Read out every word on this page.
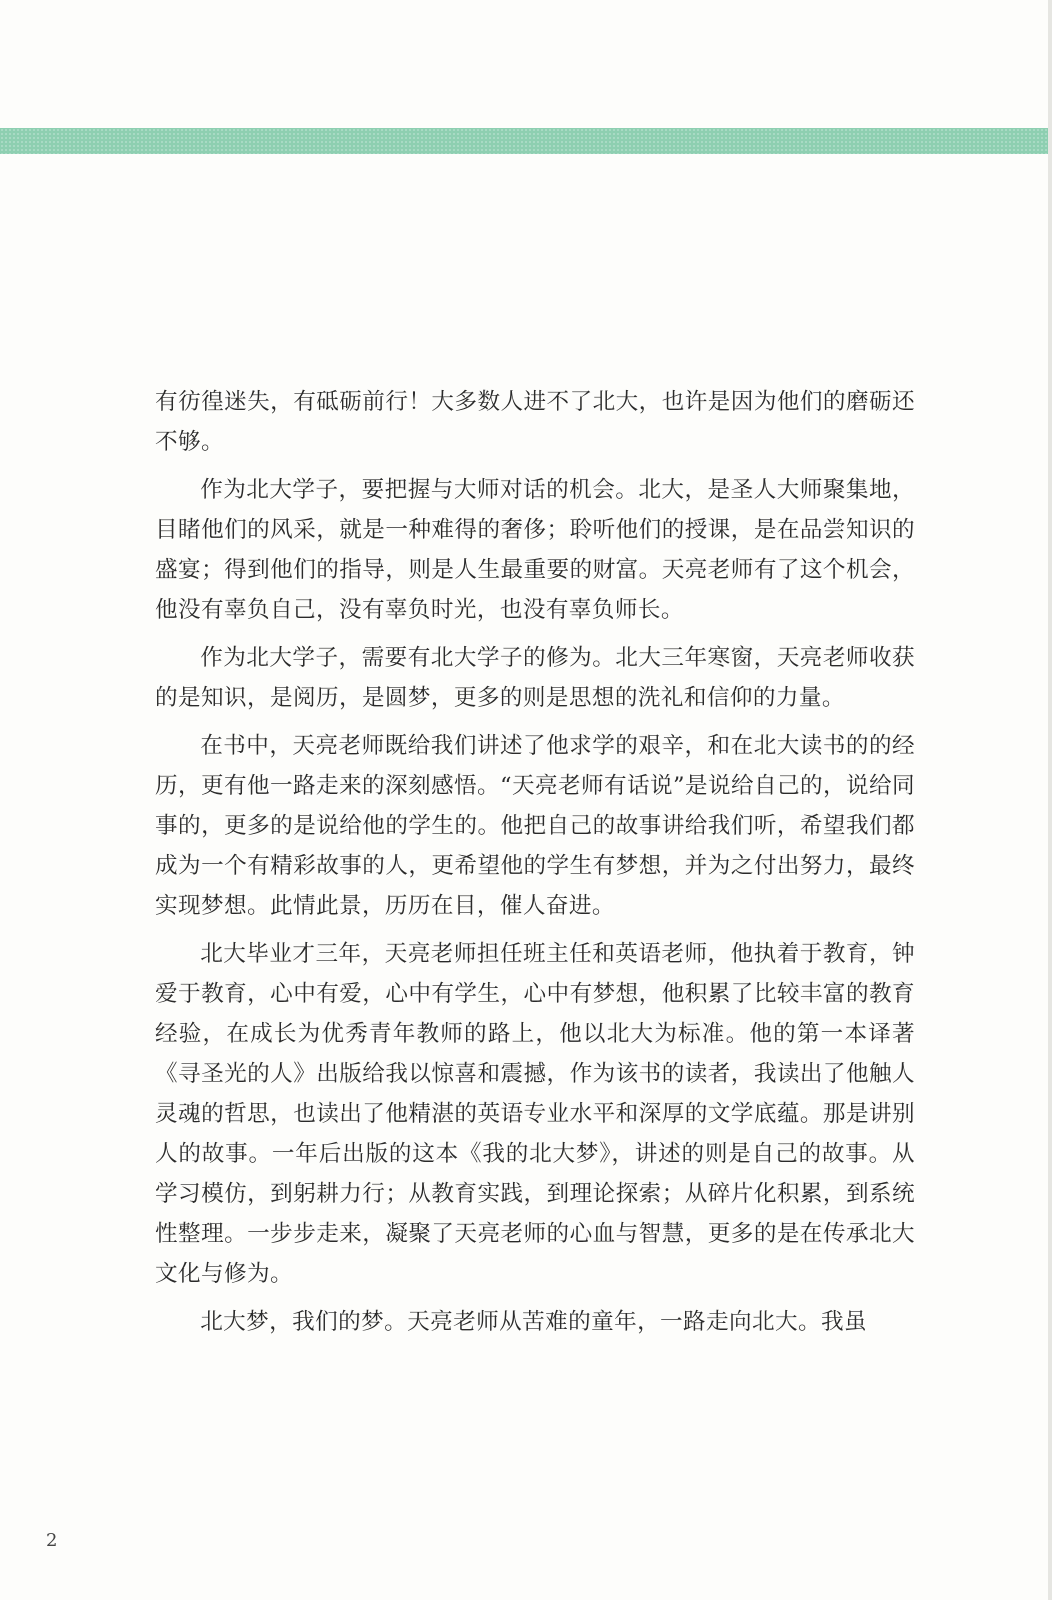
有彷徨迷失，有砥砺前行！大多数人进不了北大，也许是因为他们的磨砺还不够。

作为北大学子，要把握与大师对话的机会。北大，是圣人大师聚集地，目睹他们的风采，就是一种难得的奢侈；聆听他们的授课，是在品尝知识的盛宴；得到他们的指导，则是人生最重要的财富。天亮老师有了这个机会，他没有辜负自己，没有辜负时光，也没有辜负师长。

作为北大学子，需要有北大学子的修为。北大三年寒窗，天亮老师收获的是知识，是阅历，是圆梦，更多的则是思想的洗礼和信仰的力量。

在书中，天亮老师既给我们讲述了他求学的艰辛，和在北大读书的的经历，更有他一路走来的深刻感悟。“天亮老师有话说”是说给自己的，说给同事的，更多的是说给他的学生的。他把自己的故事讲给我们听，希望我们都成为一个有精彩故事的人，更希望他的学生有梦想，并为之付出努力，最终实现梦想。此情此景，历历在目，催人奋进。

北大毕业才三年，天亮老师担任班主任和英语老师，他执着于教育，钟爱于教育，心中有爱，心中有学生，心中有梦想，他积累了比较丰富的教育经验，在成长为优秀青年教师的路上，他以北大为标准。他的第一本译著《寻圣光的人》出版给我以惊喜和震撼，作为该书的读者，我读出了他触人灵魂的哲思，也读出了他精湛的英语专业水平和深厚的文学底蕴。那是讲别人的故事。一年后出版的这本《我的北大梦》，讲述的则是自己的故事。从学习模仿，到躬耕力行；从教育实践，到理论探索；从碎片化积累，到系统性整理。一步步走来，凝聚了天亮老师的心血与智慧，更多的是在传承北大文化与修为。

北大梦，我们的梦。天亮老师从苦难的童年，一路走向北大。我虽

2
